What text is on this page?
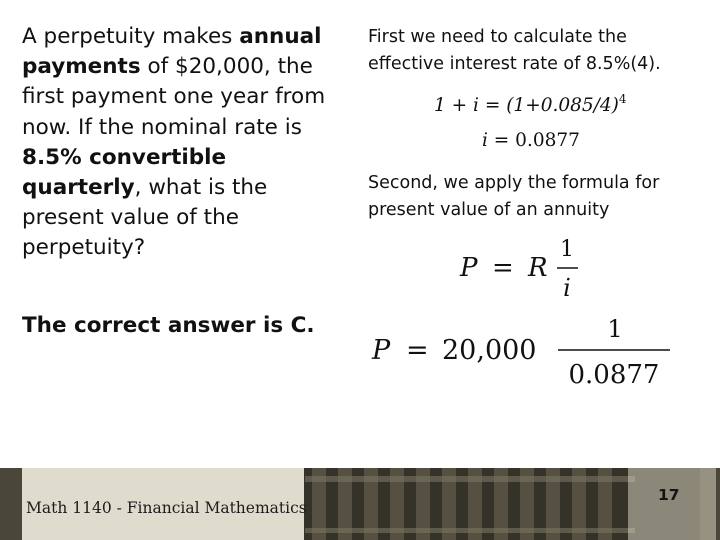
A perpetuity makes annual payments of $20,000, the first payment one year from now. If the nominal rate is 8.5% convertible quarterly, what is the present value of the perpetuity?
The correct answer is C.
First we need to calculate the effective interest rate of 8.5%(4).
$1 + i = (1+0.085/4)^4$
i = 0.0877
Second, we apply the formula for present value of an annuity
P = R
1
i
P = 20,000
1
0.0877
Math 1140 - Financial Mathematics
17
